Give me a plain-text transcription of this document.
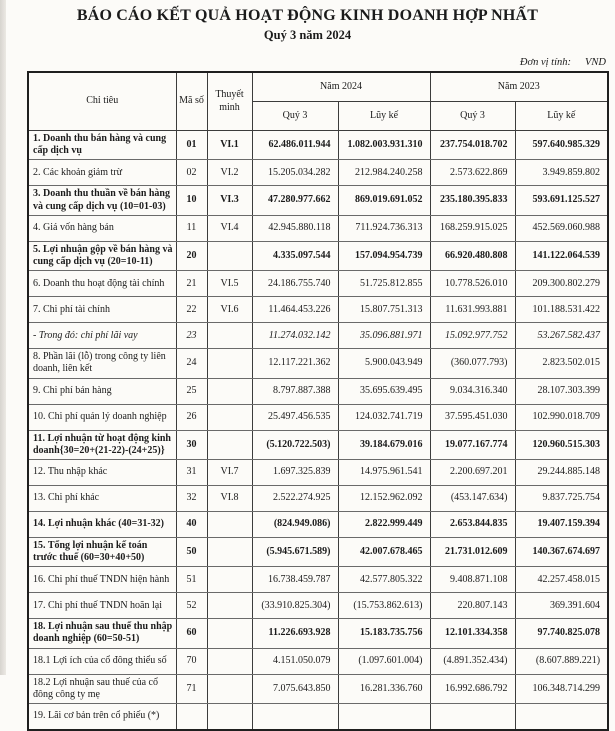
BÁO CÁO KẾT QUẢ HOẠT ĐỘNG KINH DOANH HỢP NHẤT
Quý 3 năm 2024
Đơn vị tính: VND
Chỉ tiêu	Mã số	Thuyết minh	Năm 2024		Năm 2023	
			Quý 3	Lũy kế	Quý 3	Lũy kế
1. Doanh thu bán hàng và cung cấp dịch vụ	01	VI.1	62.486.011.944	1.082.003.931.310	237.754.018.702	597.640.985.329
2. Các khoản giảm trừ	02	VI.2	15.205.034.282	212.984.240.258	2.573.622.869	3.949.859.802
3. Doanh thu thuần về bán hàng và cung cấp dịch vụ (10=01-03)	10	VI.3	47.280.977.662	869.019.691.052	235.180.395.833	593.691.125.527
4. Giá vốn hàng bán	11	VI.4	42.945.880.118	711.924.736.313	168.259.915.025	452.569.060.988
5. Lợi nhuận gộp về bán hàng và cung cấp dịch vụ (20=10-11)	20		4.335.097.544	157.094.954.739	66.920.480.808	141.122.064.539
6. Doanh thu hoạt động tài chính	21	VI.5	24.186.755.740	51.725.812.855	10.778.526.010	209.300.802.279
7. Chi phí tài chính	22	VI.6	11.464.453.226	15.807.751.313	11.631.993.881	101.188.531.422
- Trong đó: chi phí lãi vay	23		11.274.032.142	35.096.881.971	15.092.977.752	53.267.582.437
8. Phần lãi (lỗ) trong công ty liên doanh, liên kết	24		12.117.221.362	5.900.043.949	(360.077.793)	2.823.502.015
9. Chi phí bán hàng	25		8.797.887.388	35.695.639.495	9.034.316.340	28.107.303.399
10. Chi phí quản lý doanh nghiệp	26		25.497.456.535	124.032.741.719	37.595.451.030	102.990.018.709
11. Lợi nhuận từ hoạt động kinh doanh{30=20+(21-22)-(24+25)}	30		(5.120.722.503)	39.184.679.016	19.077.167.774	120.960.515.303
12. Thu nhập khác	31	VI.7	1.697.325.839	14.975.961.541	2.200.697.201	29.244.885.148
13. Chi phí khác	32	VI.8	2.522.274.925	12.152.962.092	(453.147.634)	9.837.725.754
14. Lợi nhuận khác (40=31-32)	40		(824.949.086)	2.822.999.449	2.653.844.835	19.407.159.394
15. Tổng lợi nhuận kế toán trước thuế (60=30+40+50)	50		(5.945.671.589)	42.007.678.465	21.731.012.609	140.367.674.697
16. Chi phí thuế TNDN hiện hành	51		16.738.459.787	42.577.805.322	9.408.871.108	42.257.458.015
17. Chi phí thuế TNDN hoãn lại	52		(33.910.825.304)	(15.753.862.613)	220.807.143	369.391.604
18. Lợi nhuận sau thuế thu nhập doanh nghiệp (60=50-51)	60		11.226.693.928	15.183.735.756	12.101.334.358	97.740.825.078
18.1 Lợi ích của cổ đông thiểu số	70		4.151.050.079	(1.097.601.004)	(4.891.352.434)	(8.607.889.221)
18.2 Lợi nhuận sau thuế của cổ đông công ty mẹ	71		7.075.643.850	16.281.336.760	16.992.686.792	106.348.714.299
19. Lãi cơ bản trên cổ phiếu (*)						
